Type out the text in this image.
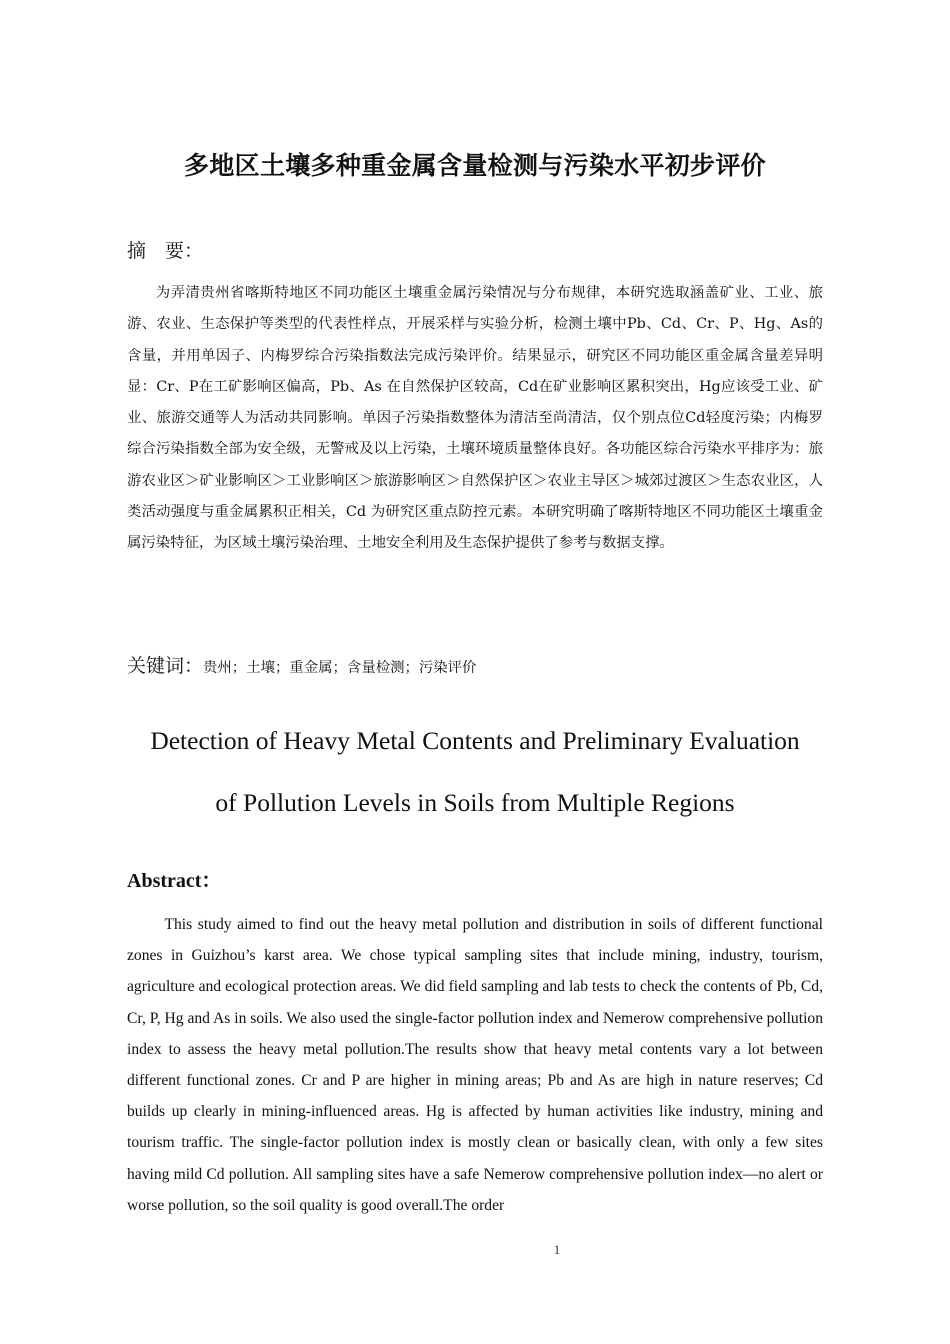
多地区土壤多种重金属含量检测与污染水平初步评价
摘　要：

为弄清贵州省喀斯特地区不同功能区土壤重金属污染情况与分布规律，本研究选取涵盖矿业、工业、旅游、农业、生态保护等类型的代表性样点，开展采样与实验分析，检测土壤中Pb、Cd、Cr、P、Hg、As的含量，并用单因子、内梅罗综合污染指数法完成污染评价。结果显示，研究区不同功能区重金属含量差异明显：Cr、P在工矿影响区偏高，Pb、As 在自然保护区较高，Cd在矿业影响区累积突出，Hg应该受工业、矿业、旅游交通等人为活动共同影响。单因子污染指数整体为清洁至尚清洁，仅个别点位Cd轻度污染；内梅罗综合污染指数全部为安全级，无警戒及以上污染，土壤环境质量整体良好。各功能区综合污染水平排序为：旅游农业区＞矿业影响区＞工业影响区＞旅游影响区＞自然保护区＞农业主导区＞城郊过渡区＞生态农业区，人类活动强度与重金属累积正相关，Cd 为研究区重点防控元素。本研究明确了喀斯特地区不同功能区土壤重金属污染特征，为区域土壤污染治理、土地安全利用及生态保护提供了参考与数据支撑。

关键词：贵州；土壤；重金属；含量检测；污染评价
Detection of Heavy Metal Contents and Preliminary Evaluation
of Pollution Levels in Soils from Multiple Regions
Abstract：

This study aimed to find out the heavy metal pollution and distribution in soils of different functional zones in Guizhou’s karst area. We chose typical sampling sites that include mining, industry, tourism, agriculture and ecological protection areas. We did field sampling and lab tests to check the contents of Pb, Cd, Cr, P, Hg and As in soils. We also used the single-factor pollution index and Nemerow comprehensive pollution index to assess the heavy metal pollution.The results show that heavy metal contents vary a lot between different functional zones. Cr and P are higher in mining areas; Pb and As are high in nature reserves; Cd builds up clearly in mining-influenced areas. Hg is affected by human activities like industry, mining and tourism traffic. The single-factor pollution index is mostly clean or basically clean, with only a few sites having mild Cd pollution. All sampling sites have a safe Nemerow comprehensive pollution index—no alert or worse pollution, so the soil quality is good overall.The order

1
